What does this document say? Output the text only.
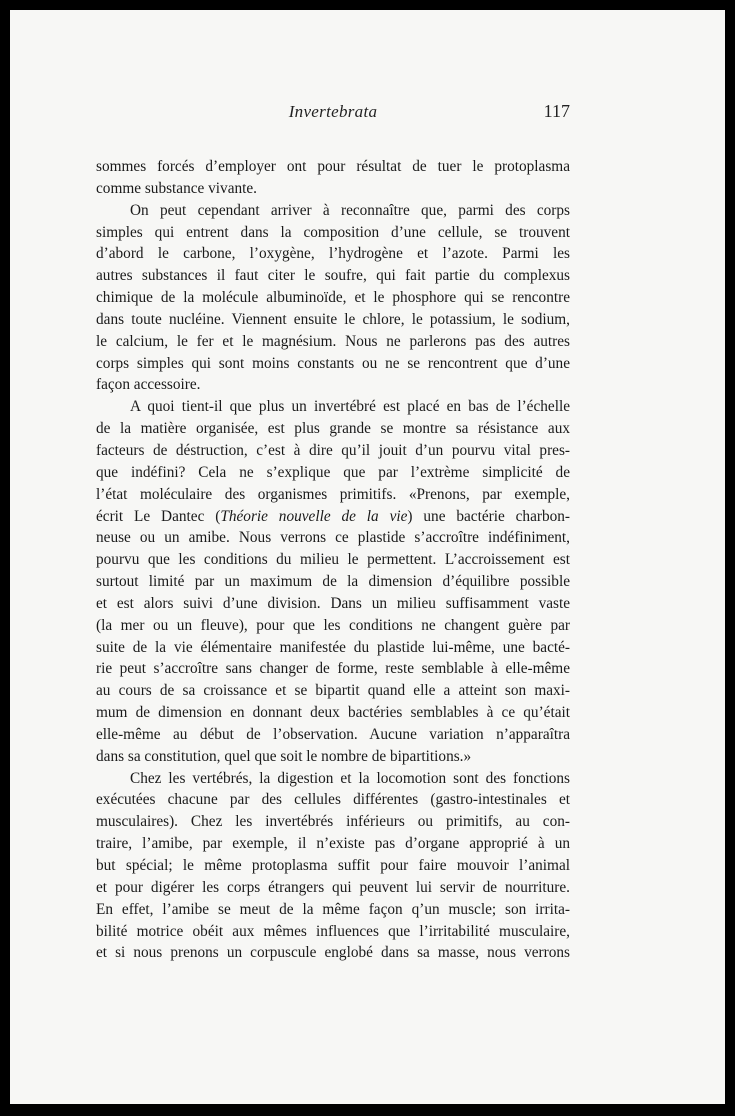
Invertebrata	117
sommes forcés d’employer ont pour résultat de tuer le protoplasma
comme substance vivante.
On peut cependant arriver à reconnaître que, parmi des corps
simples qui entrent dans la composition d’une cellule, se trouvent
d’abord le carbone, l’oxygène, l’hydrogène et l’azote. Parmi les
autres substances il faut citer le soufre, qui fait partie du complexus
chimique de la molécule albuminoïde, et le phosphore qui se rencontre
dans toute nucléine. Viennent ensuite le chlore, le potassium, le sodium,
le calcium, le fer et le magnésium. Nous ne parlerons pas des autres
corps simples qui sont moins constants ou ne se rencontrent que d’une
façon accessoire.
A quoi tient-il que plus un invertébré est placé en bas de l’échelle
de la matière organisée, est plus grande se montre sa résistance aux
facteurs de déstruction, c’est à dire qu’il jouit d’un pourvu vital pres-
que indéfini? Cela ne s’explique que par l’extrème simplicité de
l’état moléculaire des organismes primitifs. «Prenons, par exemple,
écrit Le Dantec (Théorie nouvelle de la vie) une bactérie charbon-
neuse ou un amibe. Nous verrons ce plastide s’accroître indéfiniment,
pourvu que les conditions du milieu le permettent. L’accroissement est
surtout limité par un maximum de la dimension d’équilibre possible
et est alors suivi d’une division. Dans un milieu suffisamment vaste
(la mer ou un fleuve), pour que les conditions ne changent guère par
suite de la vie élémentaire manifestée du plastide lui-même, une bacté-
rie peut s’accroître sans changer de forme, reste semblable à elle-même
au cours de sa croissance et se bipartit quand elle a atteint son maxi-
mum de dimension en donnant deux bactéries semblables à ce qu’était
elle-même au début de l’observation. Aucune variation n’apparaîtra
dans sa constitution, quel que soit le nombre de bipartitions.»
Chez les vertébrés, la digestion et la locomotion sont des fonctions
exécutées chacune par des cellules différentes (gastro-intestinales et
musculaires). Chez les invertébrés inférieurs ou primitifs, au con-
traire, l’amibe, par exemple, il n’existe pas d’organe approprié à un
but spécial; le même protoplasma suffit pour faire mouvoir l’animal
et pour digérer les corps étrangers qui peuvent lui servir de nourriture.
En effet, l’amibe se meut de la même façon q’un muscle; son irrita-
bilité motrice obéit aux mêmes influences que l’irritabilité musculaire,
et si nous prenons un corpuscule englobé dans sa masse, nous verrons
